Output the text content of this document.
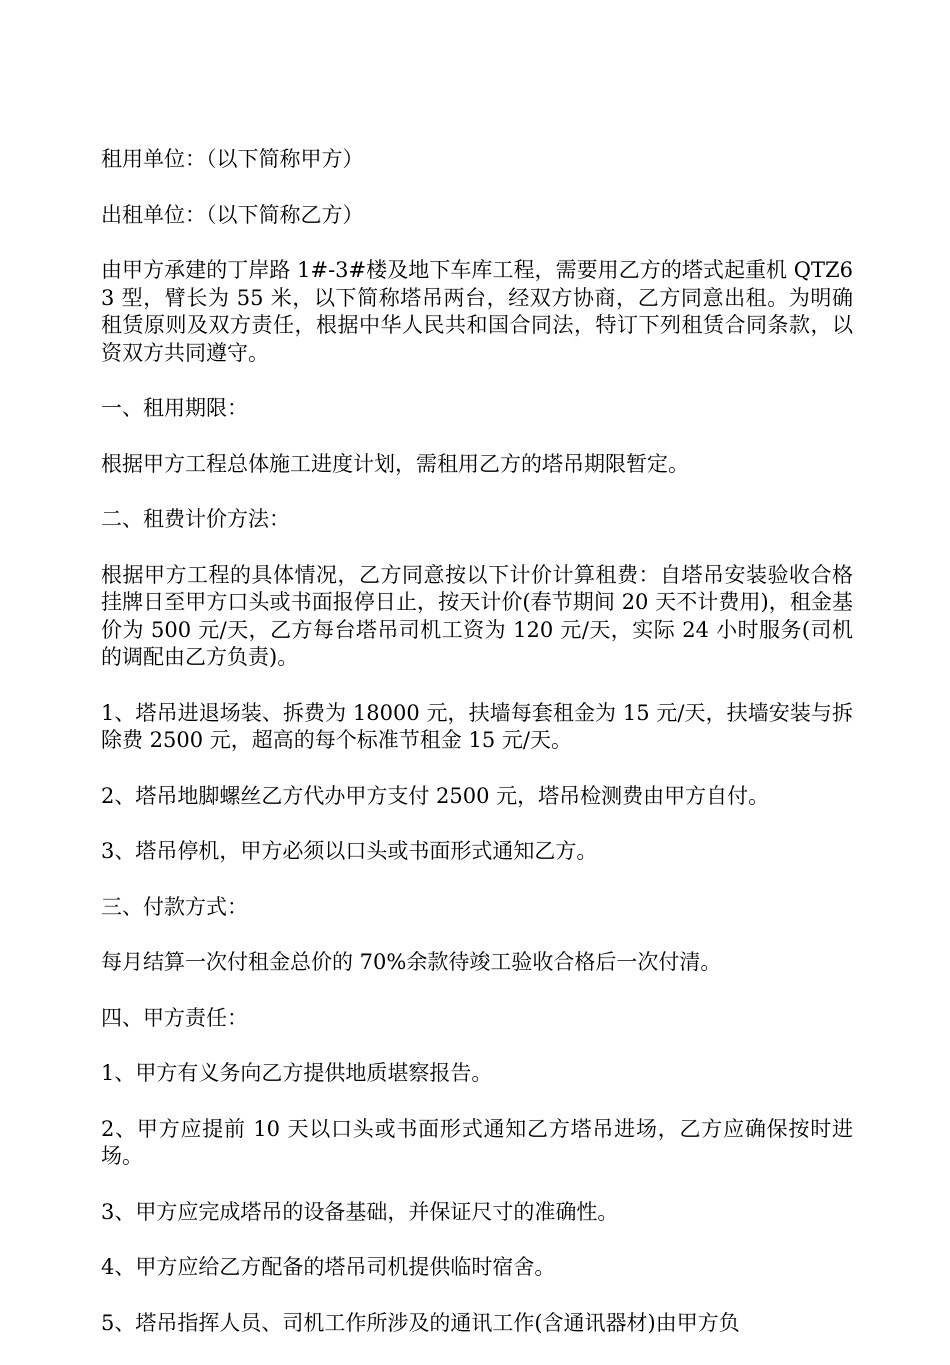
租用单位：（以下简称甲方）

出租单位：（以下简称乙方）

由甲方承建的丁岸路 1#-3#楼及地下车库工程，需要用乙方的塔式起重机 QTZ63 型，臂长为 55 米，以下简称塔吊两台，经双方协商，乙方同意出租。为明确租赁原则及双方责任，根据中华人民共和国合同法，特订下列租赁合同条款，以资双方共同遵守。

一、租用期限：

根据甲方工程总体施工进度计划，需租用乙方的塔吊期限暂定。

二、租费计价方法：

根据甲方工程的具体情况，乙方同意按以下计价计算租费：自塔吊安装验收合格挂牌日至甲方口头或书面报停日止，按天计价(春节期间 20 天不计费用)，租金基价为 500 元/天，乙方每台塔吊司机工资为 120 元/天，实际 24 小时服务(司机的调配由乙方负责)。

1、塔吊进退场装、拆费为 18000 元，扶墙每套租金为 15 元/天，扶墙安装与拆除费 2500 元，超高的每个标准节租金 15 元/天。

2、塔吊地脚螺丝乙方代办甲方支付 2500 元，塔吊检测费由甲方自付。

3、塔吊停机，甲方必须以口头或书面形式通知乙方。

三、付款方式：

每月结算一次付租金总价的 70%余款待竣工验收合格后一次付清。

四、甲方责任：

1、甲方有义务向乙方提供地质堪察报告。

2、甲方应提前 10 天以口头或书面形式通知乙方塔吊进场，乙方应确保按时进场。

3、甲方应完成塔吊的设备基础，并保证尺寸的准确性。

4、甲方应给乙方配备的塔吊司机提供临时宿舍。

5、塔吊指挥人员、司机工作所涉及的通讯工作(含通讯器材)由甲方负
